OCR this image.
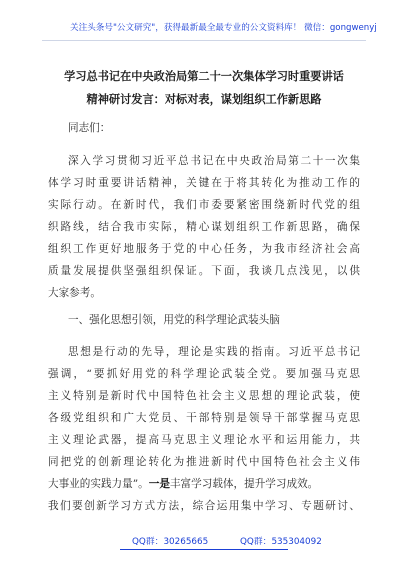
关注头条号"公文研究"，获得最新最全最专业的公文资料库！ 微信：gongwenyj
学习总书记在中央政治局第二十一次集体学习时重要讲话
精神研讨发言：对标对表，谋划组织工作新思路
同志们：
深入学习贯彻习近平总书记在中央政治局第二十一次集
体学习时重要讲话精神，关键在于将其转化为推动工作的
实际行动。在新时代，我们市委要紧密围绕新时代党的组
织路线，结合我市实际，精心谋划组织工作新思路，确保
组织工作更好地服务于党的中心任务，为我市经济社会高
质量发展提供坚强组织保证。下面，我谈几点浅见，以供
大家参考。
一、强化思想引领，用党的科学理论武装头脑
思想是行动的先导，理论是实践的指南。习近平总书记
强调，“要抓好用党的科学理论武装全党。要加强马克思
主义特别是新时代中国特色社会主义思想的理论武装，使
各级党组织和广大党员、干部特别是领导干部掌握马克思
主义理论武器，提高马克思主义理论水平和运用能力，共
同把党的创新理论转化为推进新时代中国特色社会主义伟
大事业的实践力量”。一是丰富学习载体，提升学习成效。
我们要创新学习方式方法，综合运用集中学习、专题研讨、
QQ群：30265665	QQ群：535304092
